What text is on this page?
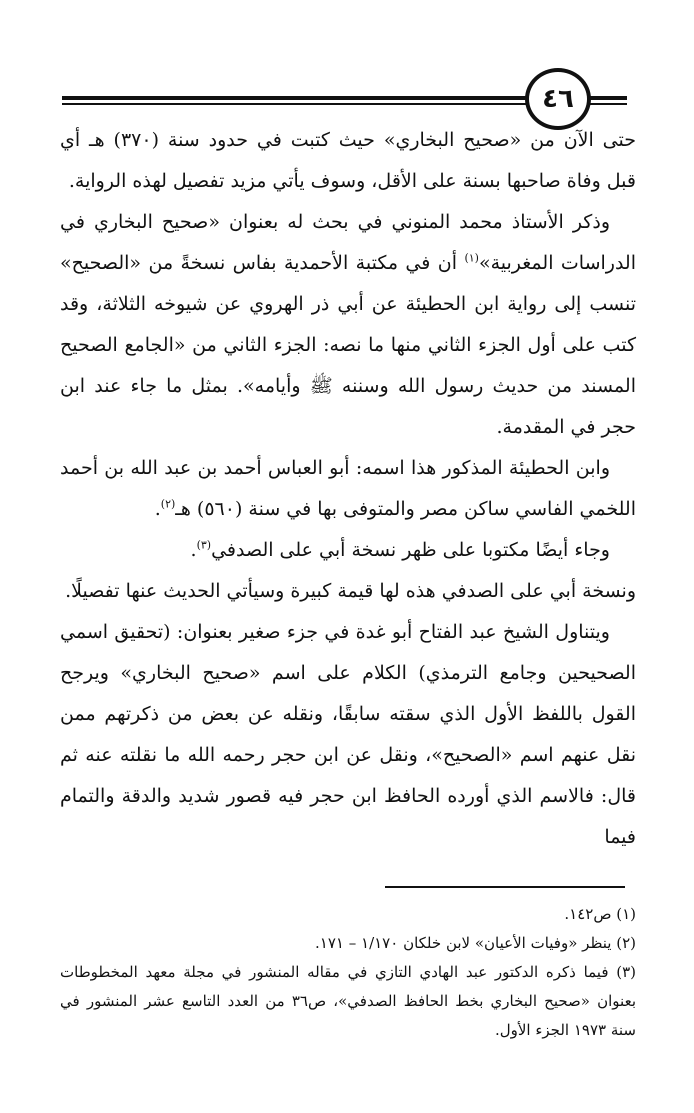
٤٦

حتى الآن من «صحيح البخاري» حيث كتبت في حدود سنة (٣٧٠) هـ أي قبل وفاة صاحبها بسنة على الأقل، وسوف يأتي مزيد تفصيل لهذه الرواية.

وذكر الأستاذ محمد المنوني في بحث له بعنوان «صحيح البخاري في الدراسات المغربية»$^{(١)}$ أن في مكتبة الأحمدية بفاس نسخةً من «الصحيح» تنسب إلى رواية ابن الحطيئة عن أبي ذر الهروي عن شيوخه الثلاثة، وقد كتب على أول الجزء الثاني منها ما نصه: الجزء الثاني من «الجامع الصحيح المسند من حديث رسول الله وسننه ﷺ وأيامه». بمثل ما جاء عند ابن حجر في المقدمة.

وابن الحطيئة المذكور هذا اسمه: أبو العباس أحمد بن عبد الله بن أحمد اللخمي الفاسي ساكن مصر والمتوفى بها في سنة (٥٦٠) هـ$^{(٢)}$.

وجاء أيضًا مكتوبا على ظهر نسخة أبي على الصدفي$^{(٣)}$.

ونسخة أبي على الصدفي هذه لها قيمة كبيرة وسيأتي الحديث عنها تفصيلًا.

ويتناول الشيخ عبد الفتاح أبو غدة في جزء صغير بعنوان: (تحقيق اسمي الصحيحين وجامع الترمذي) الكلام على اسم «صحيح البخاري» ويرجح القول باللفظ الأول الذي سقته سابقًا، ونقله عن بعض من ذكرتهم ممن نقل عنهم اسم «الصحيح»، ونقل عن ابن حجر رحمه الله ما نقلته عنه ثم قال: فالاسم الذي أورده الحافظ ابن حجر فيه قصور شديد والدقة والتمام فيما

(١) ص١٤٢.

(٢) ينظر «وفيات الأعيان» لابن خلكان ١/١٧٠ – ١٧١.

(٣) فيما ذكره الدكتور عبد الهادي التازي في مقاله المنشور في مجلة معهد المخطوطات بعنوان «صحيح البخاري بخط الحافظ الصدفي»، ص٣٦ من العدد التاسع عشر المنشور في سنة ١٩٧٣ الجزء الأول.
